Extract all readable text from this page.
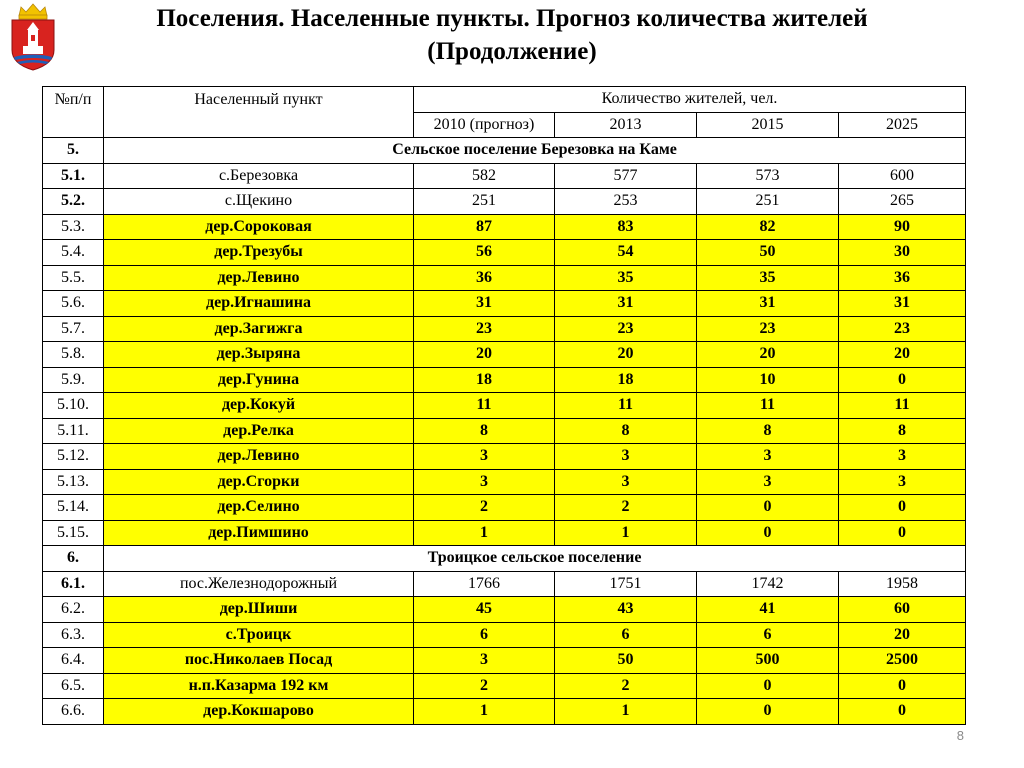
Поселения. Населенные пункты. Прогноз количества жителей
(Продолжение)
№п/п	Населенный пункт	Количество жителей, чел.			
		2010 (прогноз)	2013	2015	2025
5.	Сельское поселение Березовка на Каме				
5.1.	с.Березовка	582	577	573	600
5.2.	с.Щекино	251	253	251	265
5.3.	дер.Сороковая	87	83	82	90
5.4.	дер.Трезубы	56	54	50	30
5.5.	дер.Левино	36	35	35	36
5.6.	дер.Игнашина	31	31	31	31
5.7.	дер.Загижга	23	23	23	23
5.8.	дер.Зыряна	20	20	20	20
5.9.	дер.Гунина	18	18	10	0
5.10.	дер.Кокуй	11	11	11	11
5.11.	дер.Релка	8	8	8	8
5.12.	дер.Левино	3	3	3	3
5.13.	дер.Сгорки	3	3	3	3
5.14.	дер.Селино	2	2	0	0
5.15.	дер.Пимшино	1	1	0	0
6.	Троицкое сельское поселение				
6.1.	пос.Железнодорожный	1766	1751	1742	1958
6.2.	дер.Шиши	45	43	41	60
6.3.	с.Троицк	6	6	6	20
6.4.	пос.Николаев Посад	3	50	500	2500
6.5.	н.п.Казарма 192 км	2	2	0	0
6.6.	дер.Кокшарово	1	1	0	0
8
